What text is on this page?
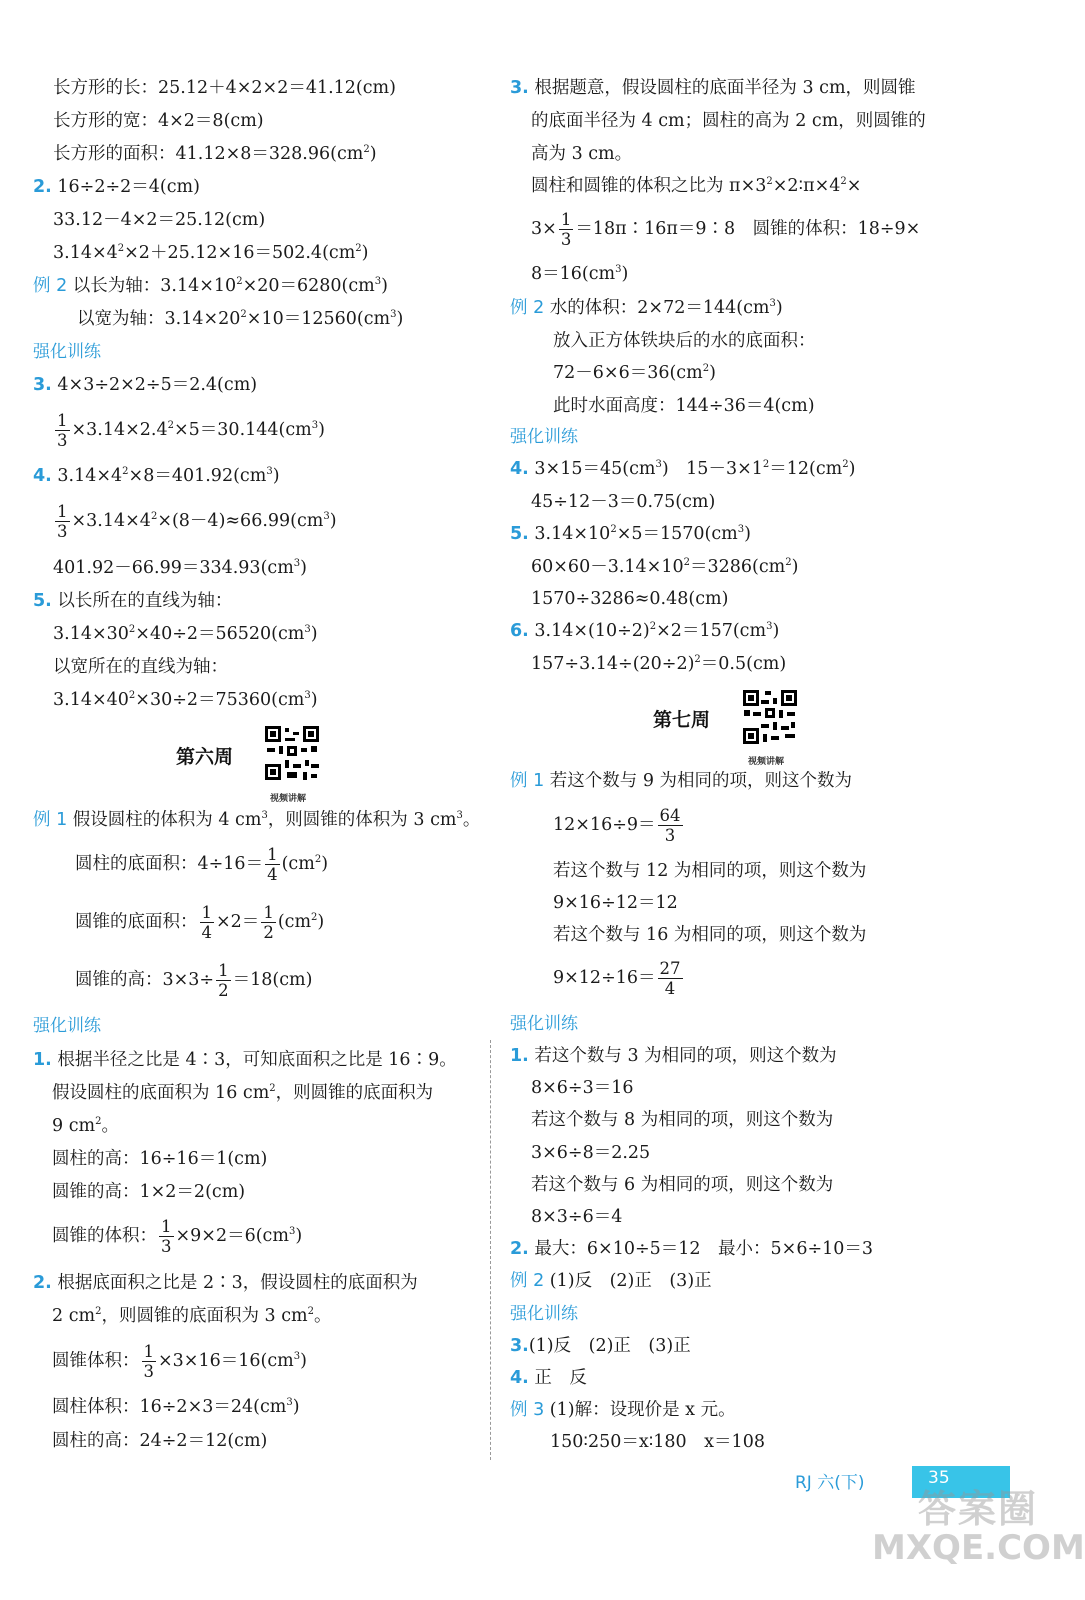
长方形的长：25.12＋4×2×2＝41.12(cm)
长方形的宽：4×2＝8(cm)
长方形的面积：$41.12\times 8=328.96(cm^2)$
2. 16÷2÷2＝4(cm)
33.12－4×2＝25.12(cm)
$3.14\times 4^2\times 2+25.12\times 16=502.4(cm^2)$
例 2 以长为轴：$3.14\times 10^2\times 20=6280(cm^3)$
以宽为轴：$3.14\times 20^2\times 10=12560(cm^3)$
强化训练
3. 4×3÷2×2÷5＝2.4(cm)
$\frac{1}{3} \times 3.14\times 2.4^2\times 5=30.144(cm^3)$
4. $3.14\times 4^2\times 8=401.92(cm^3)$
$\frac{1}{3} \times 3.14\times 4^2\times(8-4)\approx 66.99(cm^3)$
$401.92-66.99=334.93(cm^3)$
5. 以长所在的直线为轴：
$3.14\times 30^2\times 40\div 2=56520(cm^3)$
以宽所在的直线为轴：
$3.14\times 40^2\times 30\div 2=75360(cm^3)$
第六周
视频讲解
例 1 假设圆柱的体积为 4 $cm^3$，则圆锥的体积为 3 $cm^3$。
圆柱的底面积：$4\div 16= \frac{1}{4} (cm^2)$
圆锥的底面积： $\frac{1}{4} \times 2= \frac{1}{2} (cm^2)$
圆锥的高：$3\times 3\div \frac{1}{2} =18(cm)$
强化训练
1. 根据半径之比是 4∶3，可知底面积之比是 16∶9。
假设圆柱的底面积为 16 $cm^2$，则圆锥的底面积为
9 $cm^2$。
圆柱的高：16÷16＝1(cm)
圆锥的高：1×2＝2(cm)
圆锥的体积： $\frac{1}{3} \times 9\times 2=6(cm^3)$
2. 根据底面积之比是 2∶3，假设圆柱的底面积为
2 $cm^2$，则圆锥的底面积为 3 $cm^2$。
圆锥体积： $\frac{1}{3} \times 3\times 16=16(cm^3)$
圆柱体积：$16\div 2\times 3=24(cm^3)$
圆柱的高：24÷2＝12(cm)
3. 根据题意，假设圆柱的底面半径为 3 cm，则圆锥
的底面半径为 4 cm；圆柱的高为 2 cm，则圆锥的
高为 3 cm。
圆柱和圆锥的体积之比为 $\pi\times 3^2\times 2∶\pi\times 4^2\times$
$3\times \frac{1}{3}$ ＝18π∶16π＝9∶8　圆锥的体积：18÷9×
$8=16(cm^3)$
例 2 水的体积：$2\times 72=144(cm^3)$
放入正方体铁块后的水的底面积：
$72-6\times 6=36(cm^2)$
此时水面高度：144÷36＝4(cm)
强化训练
4. $3\times 15=45(cm^3)$　$15-3\times 1^2=12(cm^2)$
45÷12－3＝0.75(cm)
5. $3.14\times 10^2\times 5=1570(cm^3)$
$60\times 60-3.14\times 10^2=3286(cm^2)$
1570÷3286≈0.48(cm)
6. $3.14\times(10\div 2)^2\times 2=157(cm^3)$
$157\div 3.14\div(20\div 2)^2=0.5(cm)$
第七周
视频讲解
例 1 若这个数与 9 为相同的项，则这个数为
$12\times 16\div 9= \frac{64}{3}$
若这个数与 12 为相同的项，则这个数为
9×16÷12＝12
若这个数与 16 为相同的项，则这个数为
$9\times 12\div 16= \frac{27}{4}$
强化训练
1. 若这个数与 3 为相同的项，则这个数为
8×6÷3＝16
若这个数与 8 为相同的项，则这个数为
3×6÷8＝2.25
若这个数与 6 为相同的项，则这个数为
8×3÷6＝4
2. 最大：6×10÷5＝12　最小：5×6÷10＝3
例 2 (1)反　(2)正　(3)正
强化训练
3.(1)反　(2)正　(3)正
4. 正　反
例 3 (1)解：设现价是 x 元。
150∶250＝x∶180　x＝108
RJ 六(下)	35
答案圈
MXQE.COM
